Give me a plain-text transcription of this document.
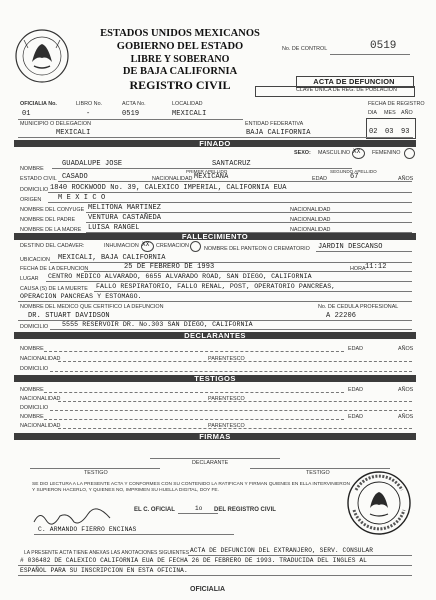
ESTADOS UNIDOS MEXICANOS
GOBIERNO DEL ESTADO
LIBRE Y SOBERANO
DE BAJA CALIFORNIA
REGISTRO CIVIL
No. DE CONTROL	0519
ACTA DE DEFUNCION
CLAVE UNICA DE REG. DE POBLACION
OFICIALIA No.	LIBRO No.	ACTA No.	LOCALIDAD
01	-	0519	MEXICALI
FECHA DE REGISTRO
DIA MES AÑO
MUNICIPIO O DELEGACION
MEXICALI
ENTIDAD FEDERATIVA
BAJA CALIFORNIA	02 03 93
FINADO
SEXO: MASCULINO XX FEMENINO
GUADALUPE JOSE	SANTACRUZ
NOMBRE	PRIMER APELLIDO	SEGUNDO APELLIDO
ESTADO CIVIL CASADO	NACIONALIDAD MEXICANA	EDAD	67	AÑOS
DOMICILIO 1840 ROCKWOOD No. 39, CALEXICO IMPERIAL, CALIFORNIA EUA
ORIGEN M E X I C O
NOMBRE DEL CONYUGE MELITONA MARTINEZ	NACIONALIDAD
NOMBRE DEL PADRE VENTURA CASTAÑEDA	NACIONALIDAD
NOMBRE DE LA MADRE LUISA RANGEL	NACIONALIDAD
FALLECIMIENTO
DESTINO DEL CADAVER:	INHUMACION XX CREMACION	NOMBRE DEL PANTEON O CREMATORIO JARDIN DESCANSO
UBICACION MEXICALI, BAJA CALIFORNIA
FECHA DE LA DEFUNCION	25 DE FEBRERO DE 1993	HORA 11:12
LUGAR CENTRO MEDICO ALVARADO, 6655 ALVARADO ROAD, SAN DIEGO, CALIFORNIA
CAUSA (S) DE LA MUERTE FALLO RESPIRATORIO, FALLO RENAL, POST, OPERATORIO PANCREAS,
OPERACION PANCREAS Y ESTOMAGO.
NOMBRE DEL MEDICO QUE CERTIFICO LA DEFUNCION	No. DE CEDULA PROFESIONAL
DR. STUART DAVIDSON	A 22206
DOMICILIO 5555 RESERVOIR DR. No.303 SAN DIEGO, CALIFORNIA
DECLARANTES
NOMBRE	EDAD	AÑOS
NACIONALIDAD	PARENTESCO
DOMICILIO
TESTIGOS
NOMBRE	EDAD	AÑOS
NACIONALIDAD	PARENTESCO
DOMICILIO
NOMBRE	EDAD	AÑOS
NACIONALIDAD	PARENTESCO
FIRMAS
DECLARANTE
TESTIGO	TESTIGO
SE DIO LECTURA A LA PRESENTE ACTA Y CONFORMES CON SU CONTENIDO LA RATIFICAN Y FIRMAN QUIENES EN ELLA INTERVINIERON Y SUPIERON HACERLO, Y QUIENES NO, IMPRIMEN SU HUELLA DIGITAL, DOY FE.
EL C. OFICIAL	1o DEL REGISTRO CIVIL
C. ARMANDO FIERRO ENCINAS
LA PRESENTE ACTA TIENE ANEXAS LAS ANOTACIONES SIGUIENTES ACTA DE DEFUNCION DEL EXTRANJERO, SERV. CONSULAR
# 036482 DE CALEXICO CALIFORNIA EUA DE FECHA 26 DE FEBRERO DE 1993. TRADUCIDA DEL INGLES AL
ESPAÑOL PARA SU INSCRIPCION EN ESTA OFICINA.
OFICIALIA
